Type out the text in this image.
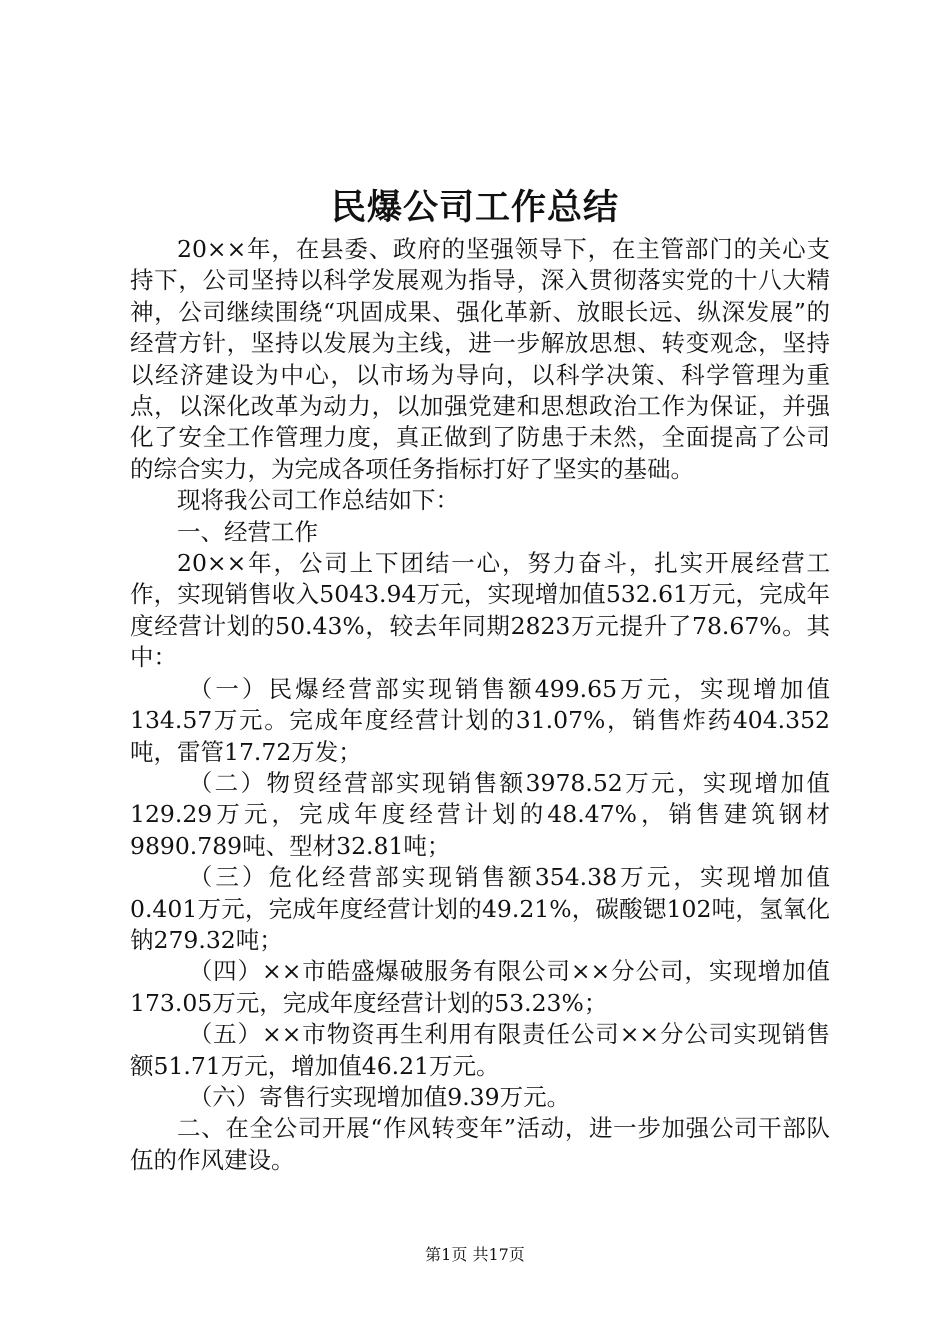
民爆公司工作总结

20××年，在县委、政府的坚强领导下，在主管部门的关心支持下，公司坚持以科学发展观为指导，深入贯彻落实党的十八大精神，公司继续围绕“巩固成果、强化革新、放眼长远、纵深发展”的经营方针，坚持以发展为主线，进一步解放思想、转变观念，坚持以经济建设为中心，以市场为导向，以科学决策、科学管理为重点，以深化改革为动力，以加强党建和思想政治工作为保证，并强化了安全工作管理力度，真正做到了防患于未然，全面提高了公司的综合实力，为完成各项任务指标打好了坚实的基础。

现将我公司工作总结如下：

一、经营工作

20××年，公司上下团结一心，努力奋斗，扎实开展经营工作，实现销售收入5043.94万元，实现增加值532.61万元，完成年度经营计划的50.43%，较去年同期2823万元提升了78.67%。其中：

（一）民爆经营部实现销售额499.65万元，实现增加值134.57万元。完成年度经营计划的31.07%，销售炸药404.352吨，雷管17.72万发；

（二）物贸经营部实现销售额3978.52万元，实现增加值129.29万元，完成年度经营计划的48.47%，销售建筑钢材9890.789吨、型材32.81吨；

（三）危化经营部实现销售额354.38万元，实现增加值0.401万元，完成年度经营计划的49.21%，碳酸锶102吨，氢氧化钠279.32吨；

（四）××市皓盛爆破服务有限公司××分公司，实现增加值173.05万元，完成年度经营计划的53.23%；

（五）××市物资再生利用有限责任公司××分公司实现销售额51.71万元，增加值46.21万元。

（六）寄售行实现增加值9.39万元。

二、在全公司开展“作风转变年”活动，进一步加强公司干部队伍的作风建设。

第1页 共17页
